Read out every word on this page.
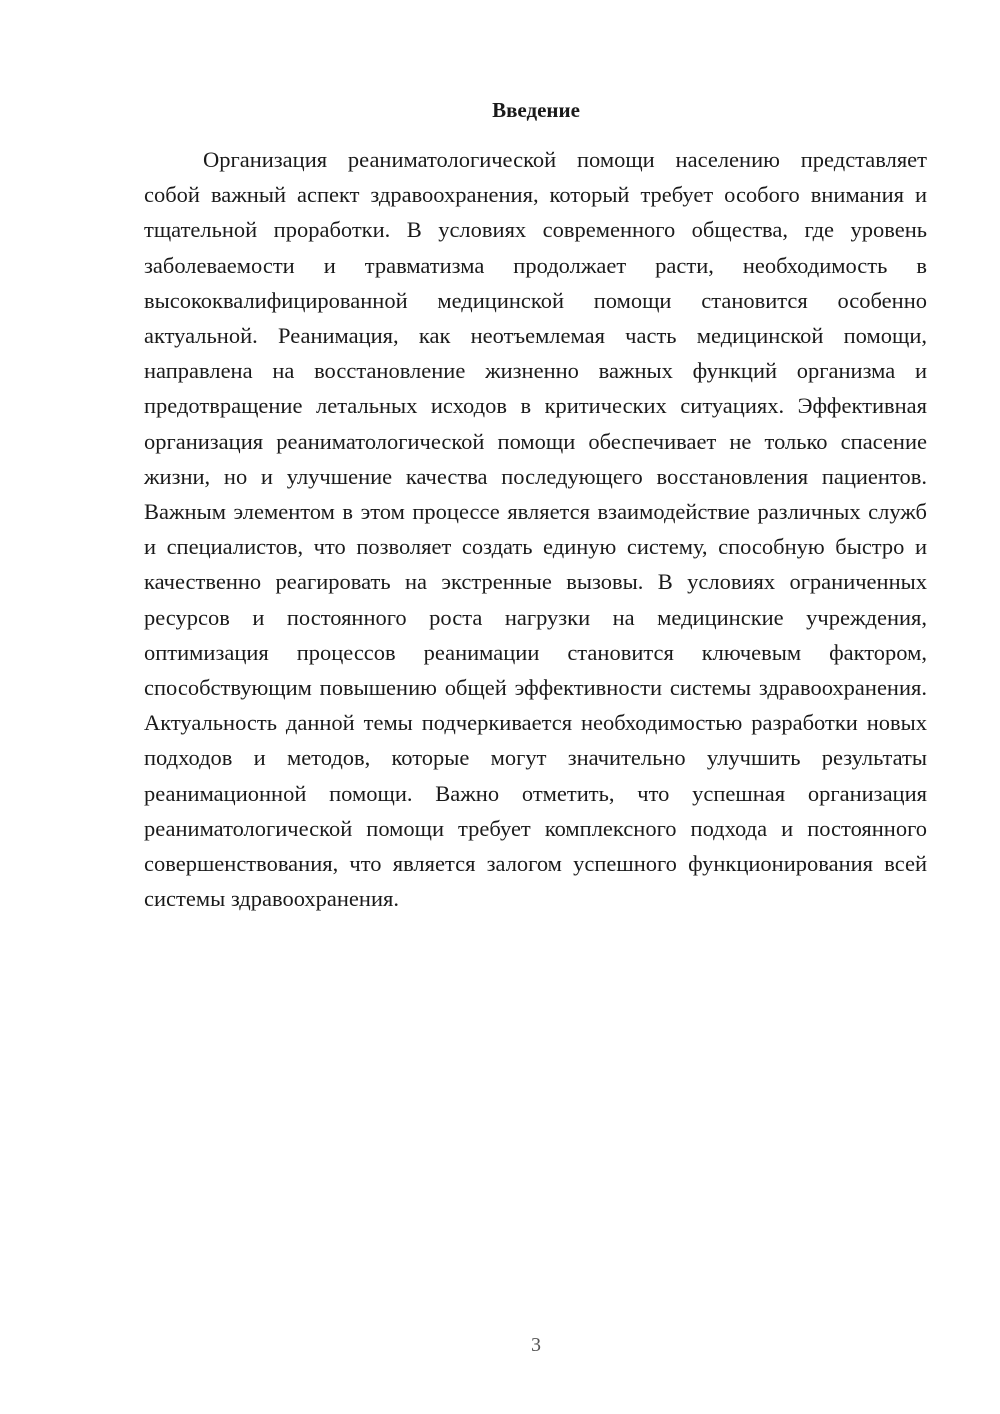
Введение

Организация реаниматологической помощи населению представляет собой важный аспект здравоохранения, который требует особого внимания и тщательной проработки. В условиях современного общества, где уровень заболеваемости и травматизма продолжает расти, необходимость в высококвалифицированной медицинской помощи становится особенно актуальной. Реанимация, как неотъемлемая часть медицинской помощи, направлена на восстановление жизненно важных функций организма и предотвращение летальных исходов в критических ситуациях. Эффективная организация реаниматологической помощи обеспечивает не только спасение жизни, но и улучшение качества последующего восстановления пациентов. Важным элементом в этом процессе является взаимодействие различных служб и специалистов, что позволяет создать единую систему, способную быстро и качественно реагировать на экстренные вызовы. В условиях ограниченных ресурсов и постоянного роста нагрузки на медицинские учреждения, оптимизация процессов реанимации становится ключевым фактором, способствующим повышению общей эффективности системы здравоохранения. Актуальность данной темы подчеркивается необходимостью разработки новых подходов и методов, которые могут значительно улучшить результаты реанимационной помощи. Важно отметить, что успешная организация реаниматологической помощи требует комплексного подхода и постоянного совершенствования, что является залогом успешного функционирования всей системы здравоохранения.

3
